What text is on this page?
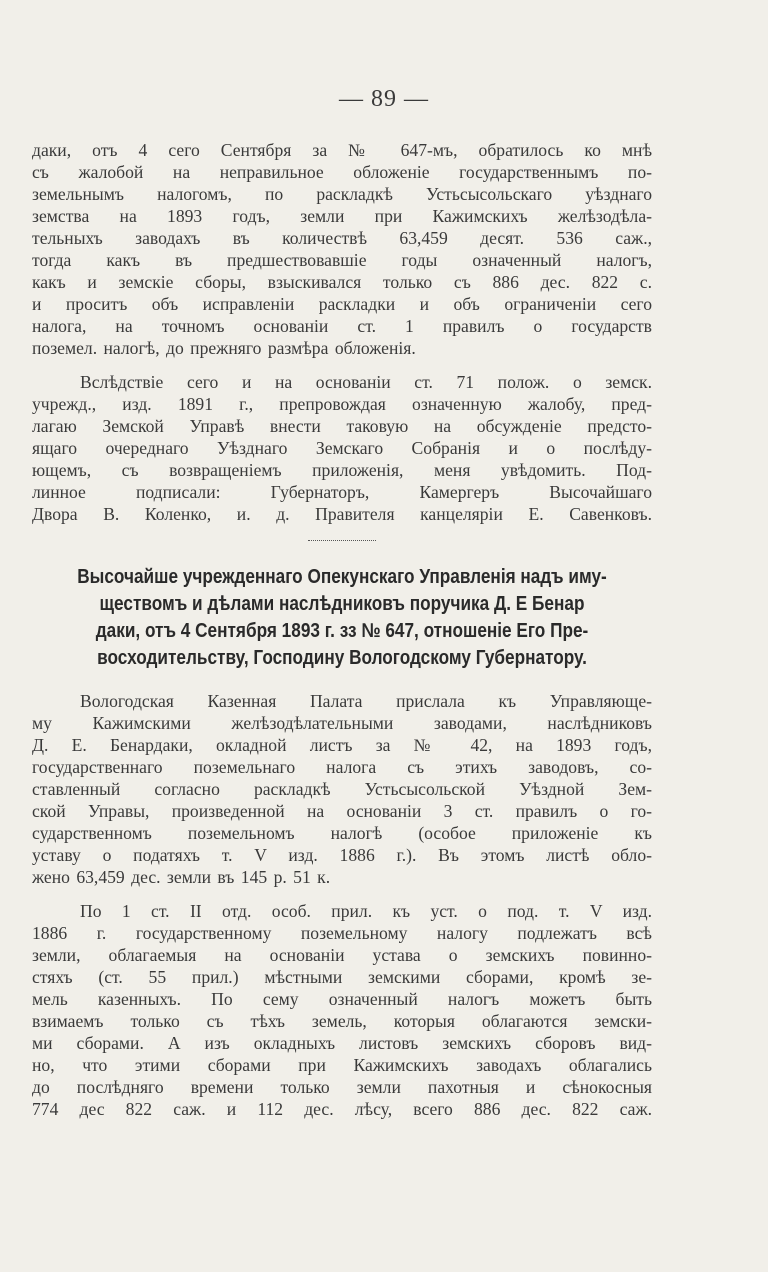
— 89 —
даки, отъ 4 сего Сентября за № 647-мъ, обратилось ко мнѣ
съ жалобой на неправильное обложеніе государственнымъ по-
земельнымъ налогомъ, по раскладкѣ Устьсысольскаго уѣзднаго
земства на 1893 годъ, земли при Кажимскихъ желѣзодѣла-
тельныхъ заводахъ въ количествѣ 63,459 десят. 536 саж.,
тогда какъ въ предшествовавшіе годы означенный налогъ,
какъ и земскіе сборы, взыскивался только съ 886 дес. 822 с.
и проситъ объ исправленіи раскладки и объ ограниченіи сего
налога, на точномъ основаніи ст. 1 правилъ о государств
поземел. налогѣ, до прежняго размѣра обложенія.
Вслѣдствіе сего и на основаніи ст. 71 полож. о земск.
учрежд., изд. 1891 г., препровождая означенную жалобу, пред-
лагаю Земской Управѣ внести таковую на обсужденіе предсто-
ящаго очереднаго Уѣзднаго Земскаго Собранія и о послѣду-
ющемъ, съ возвращеніемъ приложенія, меня увѣдомить. Под-
линное подписали: Губернаторъ, Камергеръ Высочайшаго
Двора В. Коленко, и. д. Правителя канцеляріи Е. Савенковъ.
Высочайше учрежденнаго Опекунскаго Управленія надъ иму-
ществомъ и дѣлами наслѣдниковъ поручика Д. Е Бенар
даки, отъ 4 Сентября 1893 г. зз № 647, отношеніе Его Пре-
восходительству, Господину Вологодскому Губернатору.
Вологодская Казенная Палата прислала къ Управляюще-
му Кажимскими желѣзодѣлательными заводами, наслѣдниковъ
Д. Е. Бенардаки, окладной листъ за № 42, на 1893 годъ,
государственнаго поземельнаго налога съ этихъ заводовъ, со-
ставленный согласно раскладкѣ Устьсысольской Уѣздной Зем-
ской Управы, произведенной на основаніи 3 ст. правилъ о го-
сударственномъ поземельномъ налогѣ (особое приложеніе къ
уставу о податяхъ т. V изд. 1886 г.). Въ этомъ листѣ обло-
жено 63,459 дес. земли въ 145 р. 51 к.
По 1 ст. II отд. особ. прил. къ уст. о под. т. V изд.
1886 г. государственному поземельному налогу подлежатъ всѣ
земли, облагаемыя на основаніи устава о земскихъ повинно-
стяхъ (ст. 55 прил.) мѣстными земскими сборами, кромѣ зе-
мель казенныхъ. По сему означенный налогъ можетъ быть
взимаемъ только съ тѣхъ земель, которыя облагаются земски-
ми сборами. А изъ окладныхъ листовъ земскихъ сборовъ вид-
но, что этими сборами при Кажимскихъ заводахъ облагались
до послѣдняго времени только земли пахотныя и сѣнокосныя
774 дес 822 саж. и 112 дес. лѣсу, всего 886 дес. 822 саж.
